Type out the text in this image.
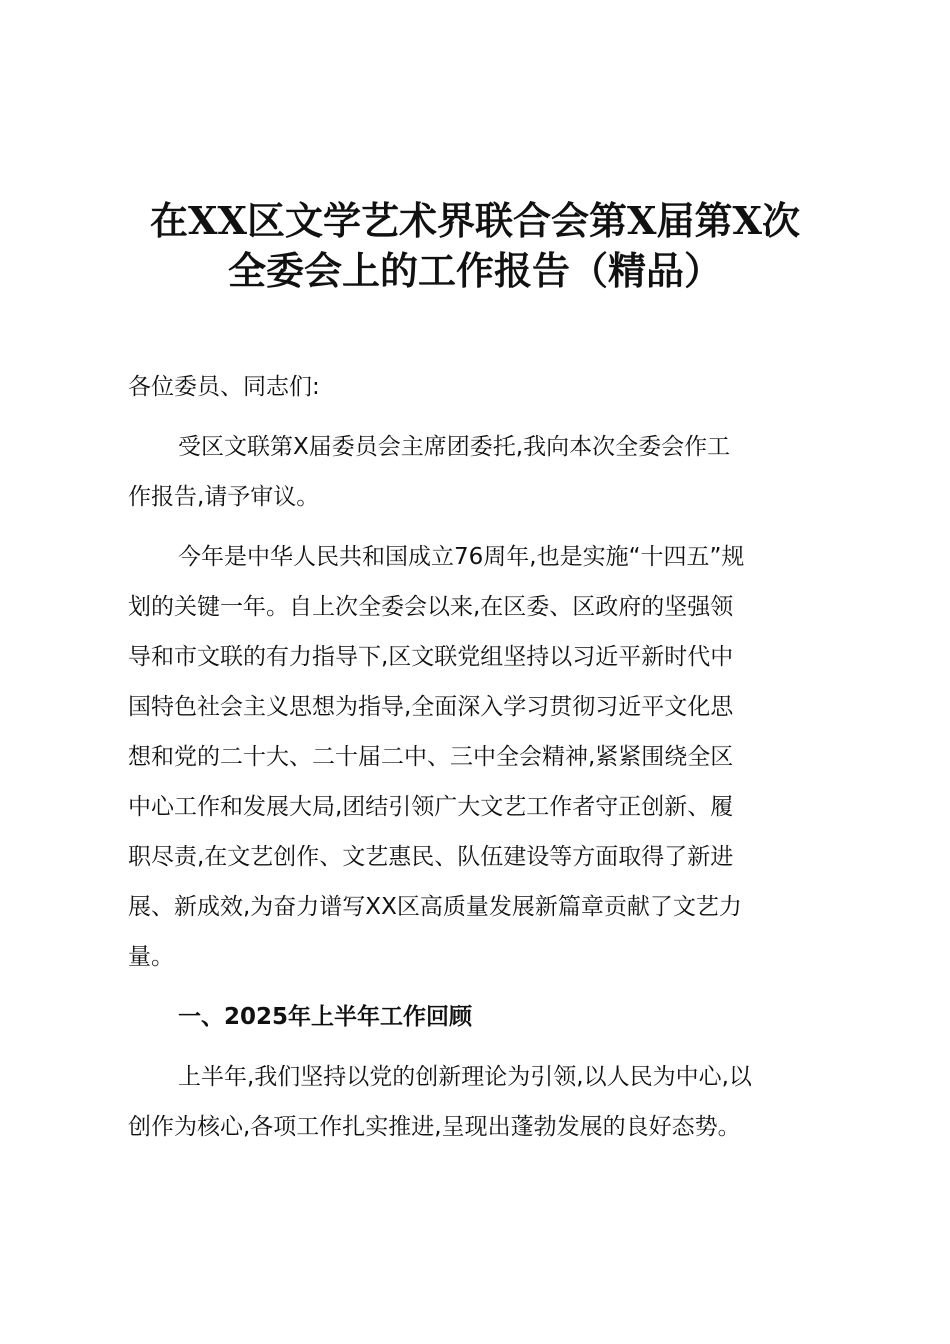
在XX区文学艺术界联合会第X届第X次
全委会上的工作报告（精品）
各位委员、同志们:
受区文联第X届委员会主席团委托,我向本次全委会作工
作报告,请予审议。
今年是中华人民共和国成立76周年,也是实施“十四五”规
划的关键一年。自上次全委会以来,在区委、区政府的坚强领
导和市文联的有力指导下,区文联党组坚持以习近平新时代中
国特色社会主义思想为指导,全面深入学习贯彻习近平文化思
想和党的二十大、二十届二中、三中全会精神,紧紧围绕全区
中心工作和发展大局,团结引领广大文艺工作者守正创新、履
职尽责,在文艺创作、文艺惠民、队伍建设等方面取得了新进
展、新成效,为奋力谱写XX区高质量发展新篇章贡献了文艺力
量。
一、2025年上半年工作回顾
上半年,我们坚持以党的创新理论为引领,以人民为中心,以
创作为核心,各项工作扎实推进,呈现出蓬勃发展的良好态势。
